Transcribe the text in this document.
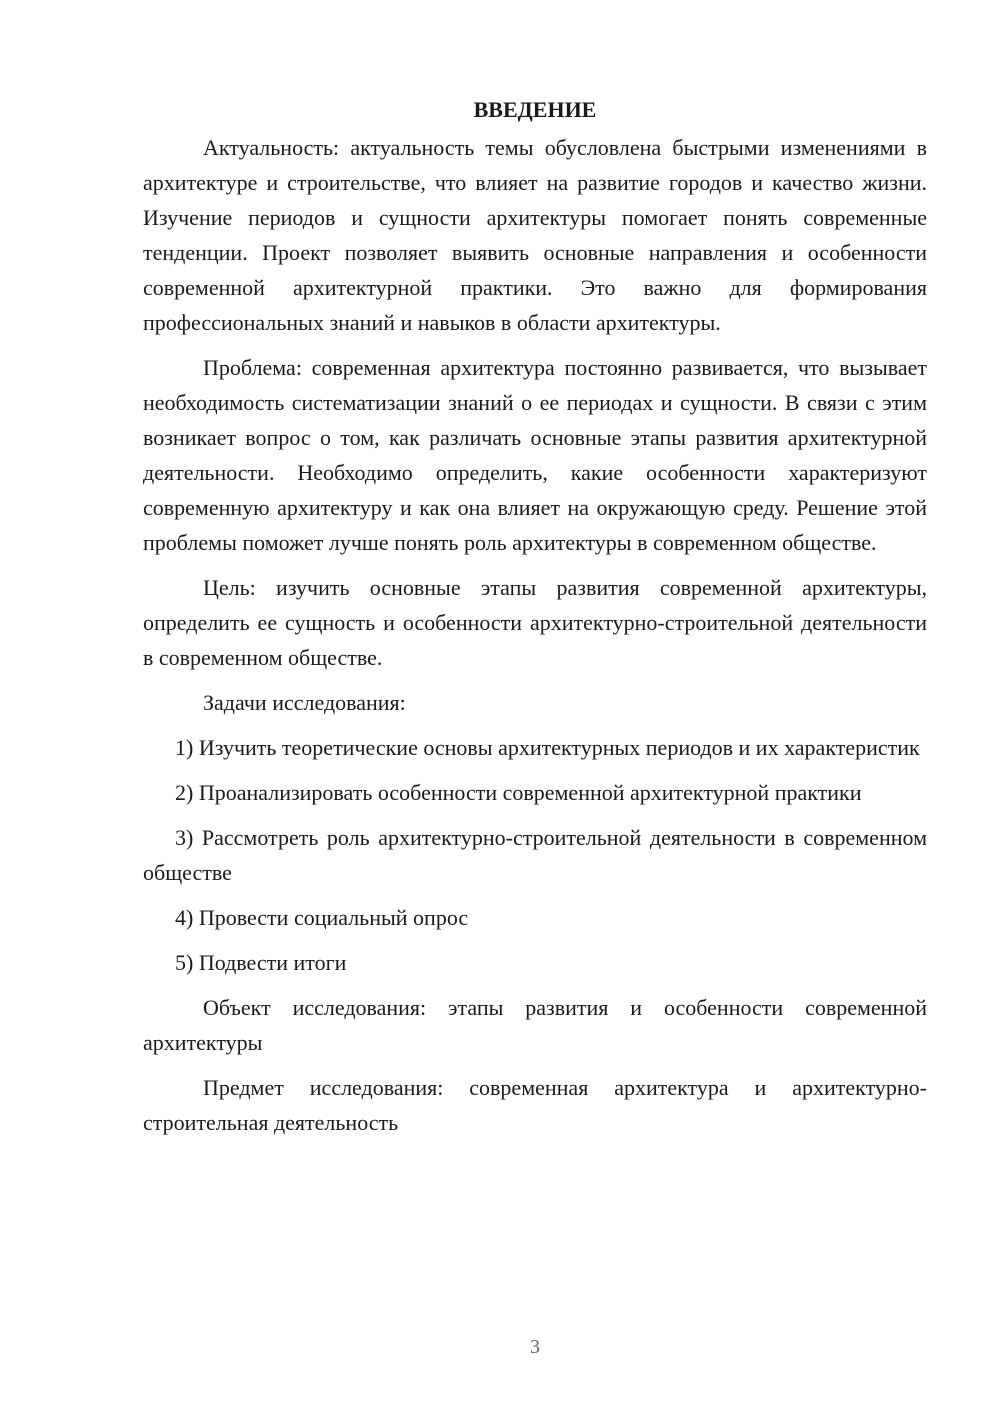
ВВЕДЕНИЕ

Актуальность: актуальность темы обусловлена быстрыми изменениями в архитектуре и строительстве, что влияет на развитие городов и качество жизни. Изучение периодов и сущности архитектуры помогает понять современные тенденции. Проект позволяет выявить основные направления и особенности современной архитектурной практики. Это важно для формирования профессиональных знаний и навыков в области архитектуры.

Проблема: современная архитектура постоянно развивается, что вызывает необходимость систематизации знаний о ее периодах и сущности. В связи с этим возникает вопрос о том, как различать основные этапы развития архитектурной деятельности. Необходимо определить, какие особенности характеризуют современную архитектуру и как она влияет на окружающую среду. Решение этой проблемы поможет лучше понять роль архитектуры в современном обществе.

Цель: изучить основные этапы развития современной архитектуры, определить ее сущность и особенности архитектурно-строительной деятельности в современном обществе.

Задачи исследования:

1) Изучить теоретические основы архитектурных периодов и их характеристик

2) Проанализировать особенности современной архитектурной практики

3) Рассмотреть роль архитектурно-строительной деятельности в современном обществе

4) Провести социальный опрос

5) Подвести итоги

Объект исследования: этапы развития и особенности современной архитектуры

Предмет исследования: современная архитектура и архитектурно-строительная деятельность

3
